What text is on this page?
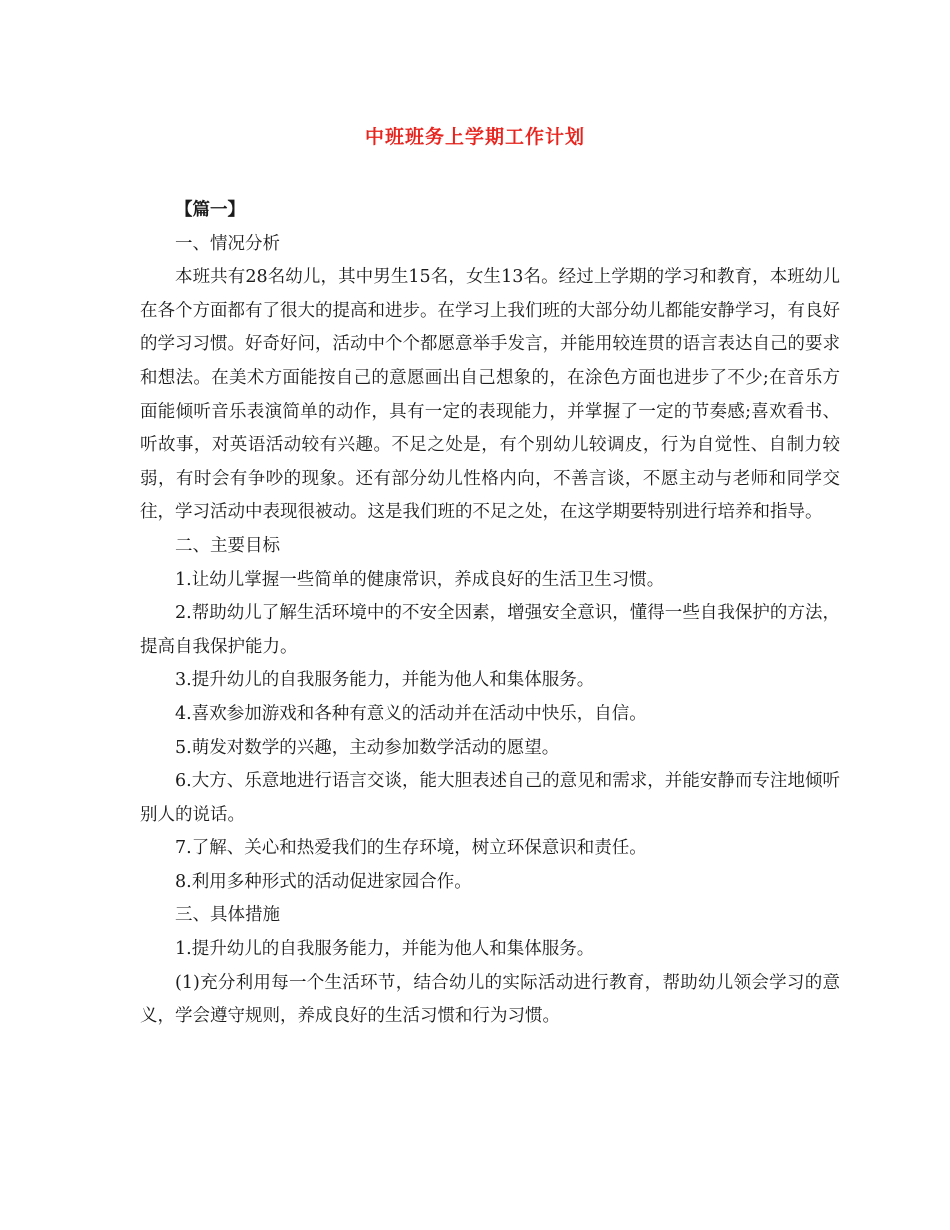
中班班务上学期工作计划

【篇一】

一、情况分析

本班共有28名幼儿，其中男生15名，女生13名。经过上学期的学习和教育，本班幼儿在各个方面都有了很大的提高和进步。在学习上我们班的大部分幼儿都能安静学习，有良好的学习习惯。好奇好问，活动中个个都愿意举手发言，并能用较连贯的语言表达自己的要求和想法。在美术方面能按自己的意愿画出自己想象的，在涂色方面也进步了不少;在音乐方面能倾听音乐表演简单的动作，具有一定的表现能力，并掌握了一定的节奏感;喜欢看书、听故事，对英语活动较有兴趣。不足之处是，有个别幼儿较调皮，行为自觉性、自制力较弱，有时会有争吵的现象。还有部分幼儿性格内向，不善言谈，不愿主动与老师和同学交往，学习活动中表现很被动。这是我们班的不足之处，在这学期要特别进行培养和指导。

二、主要目标

1.让幼儿掌握一些简单的健康常识，养成良好的生活卫生习惯。

2.帮助幼儿了解生活环境中的不安全因素，增强安全意识，懂得一些自我保护的方法，提高自我保护能力。

3.提升幼儿的自我服务能力，并能为他人和集体服务。

4.喜欢参加游戏和各种有意义的活动并在活动中快乐，自信。

5.萌发对数学的兴趣，主动参加数学活动的愿望。

6.大方、乐意地进行语言交谈，能大胆表述自己的意见和需求，并能安静而专注地倾听别人的说话。

7.了解、关心和热爱我们的生存环境，树立环保意识和责任。

8.利用多种形式的活动促进家园合作。

三、具体措施

1.提升幼儿的自我服务能力，并能为他人和集体服务。

(1)充分利用每一个生活环节，结合幼儿的实际活动进行教育，帮助幼儿领会学习的意义，学会遵守规则，养成良好的生活习惯和行为习惯。
